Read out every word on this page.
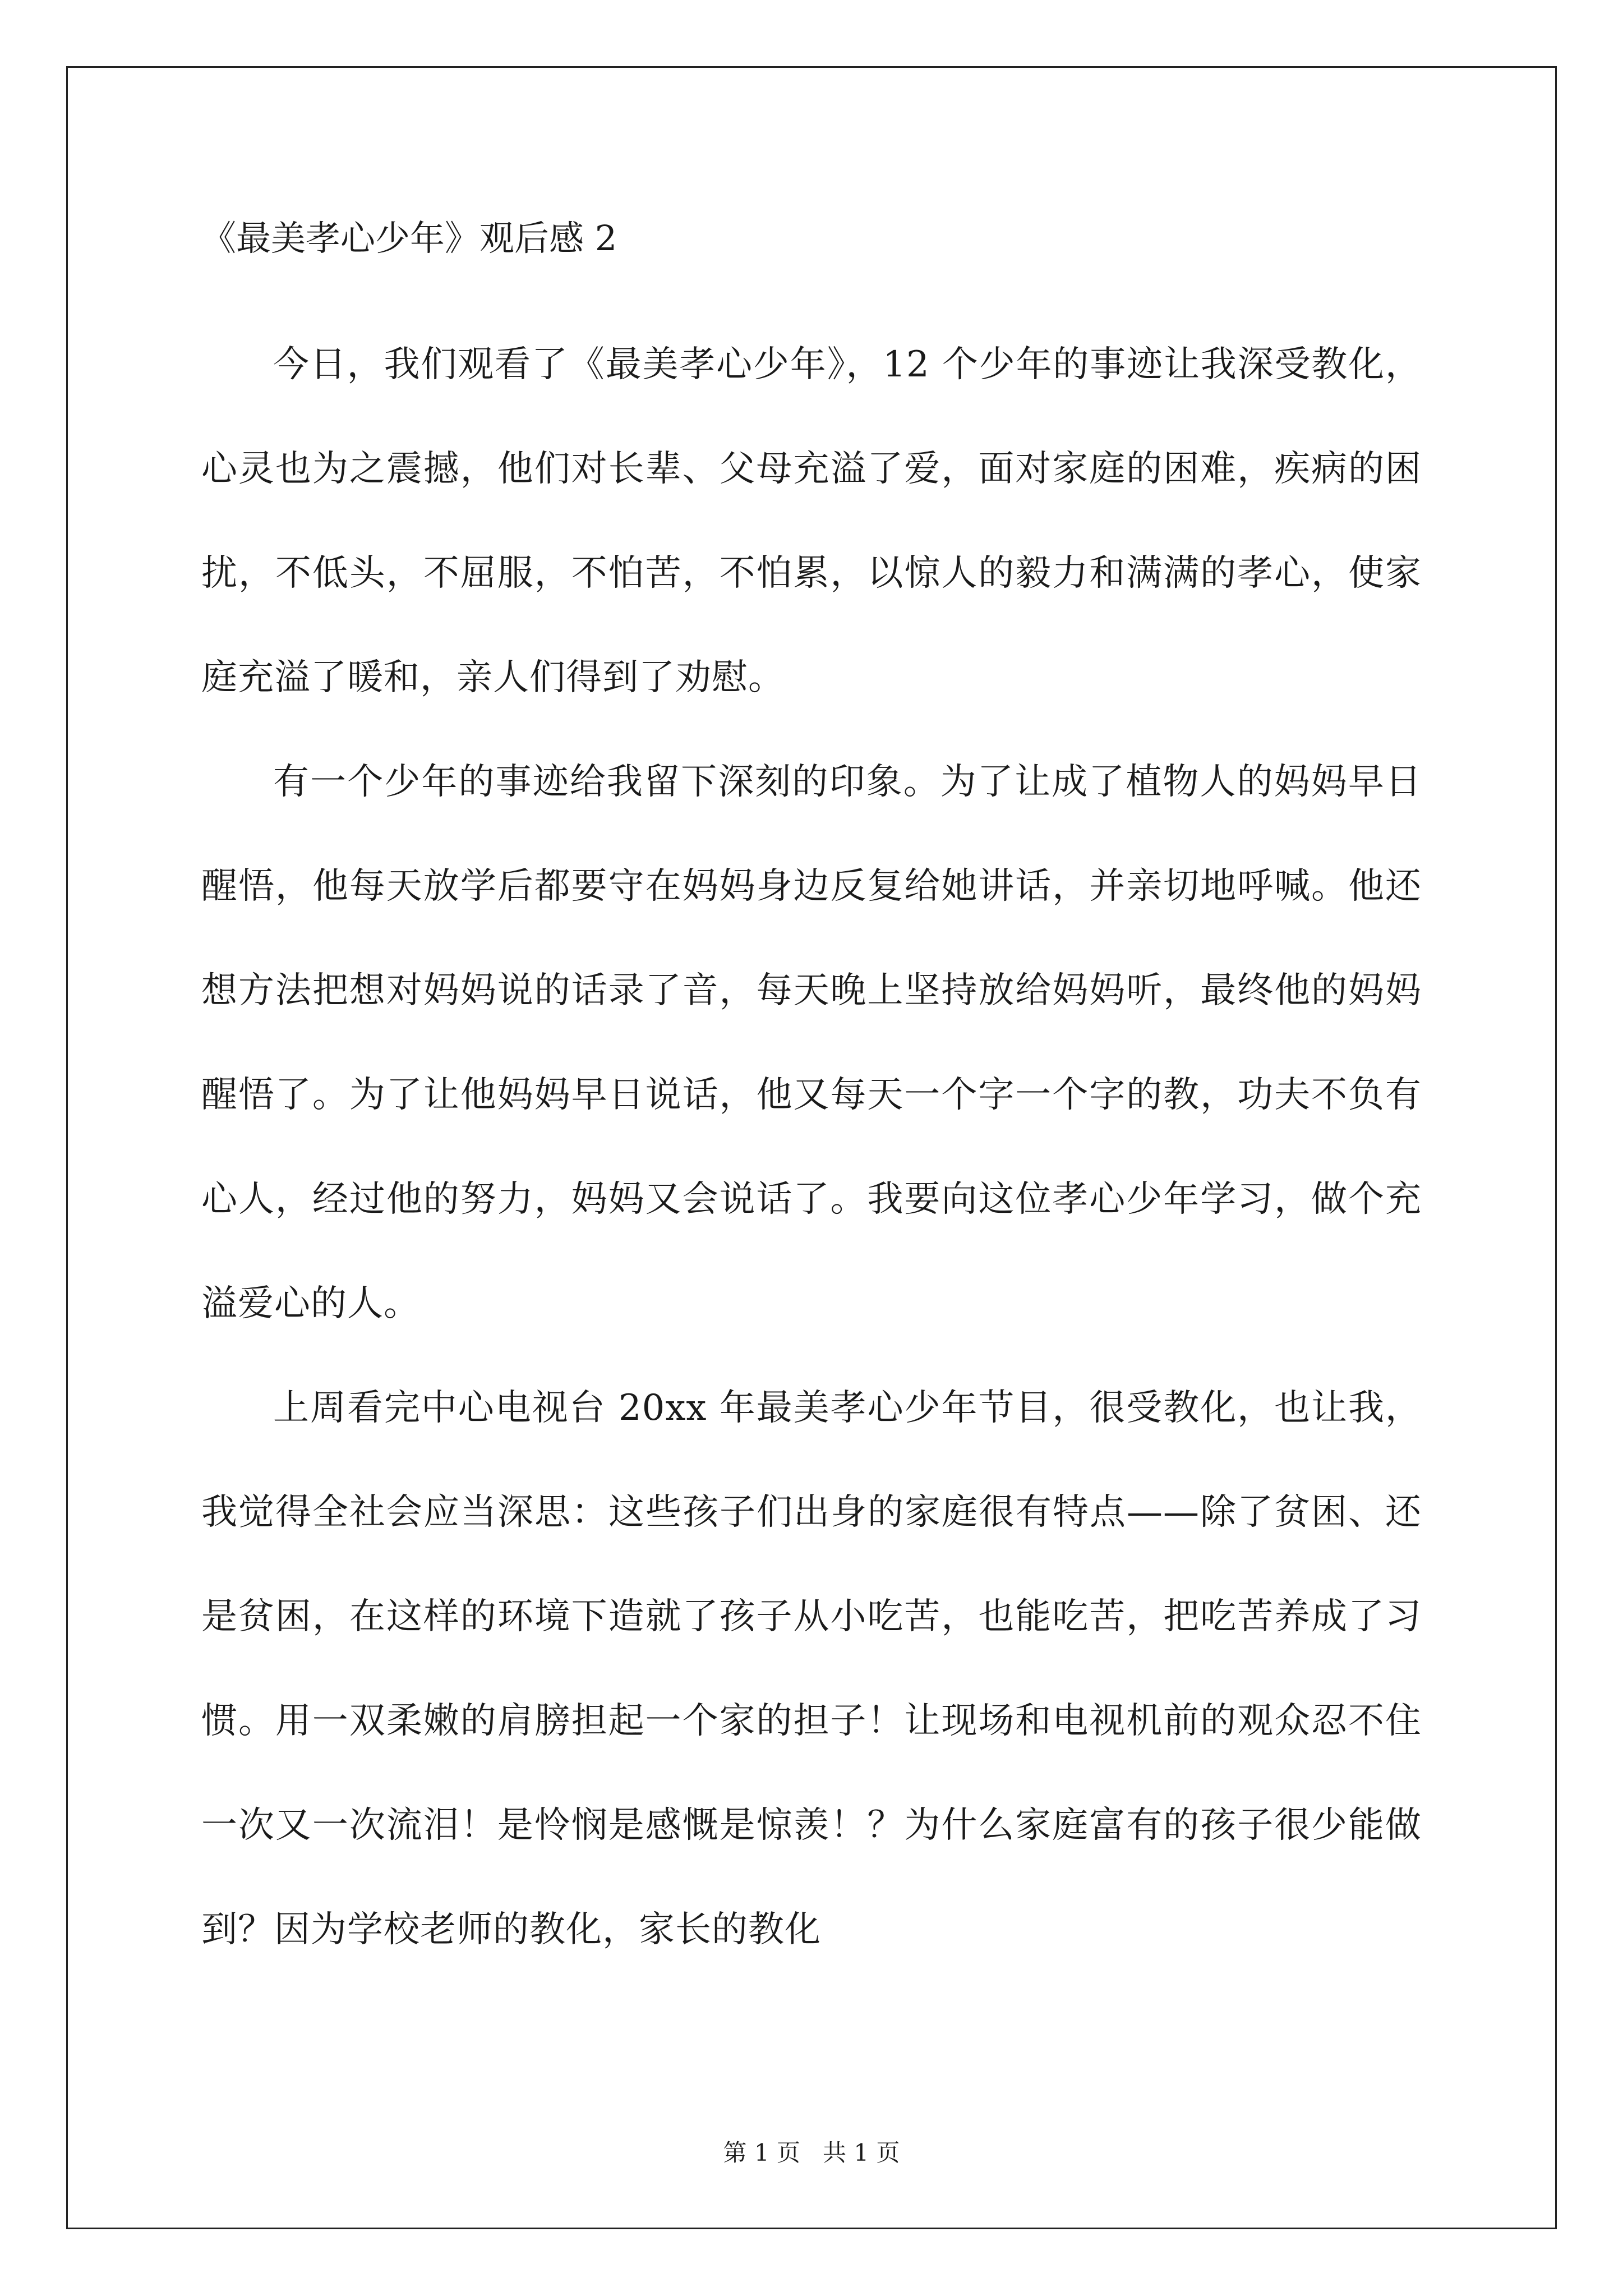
《最美孝心少年》观后感 2

今日，我们观看了《最美孝心少年》，12 个少年的事迹让我深受教化，心灵也为之震撼，他们对长辈、父母充溢了爱，面对家庭的困难，疾病的困扰，不低头，不屈服，不怕苦，不怕累，以惊人的毅力和满满的孝心，使家庭充溢了暖和，亲人们得到了劝慰。

有一个少年的事迹给我留下深刻的印象。为了让成了植物人的妈妈早日醒悟，他每天放学后都要守在妈妈身边反复给她讲话，并亲切地呼喊。他还想方法把想对妈妈说的话录了音，每天晚上坚持放给妈妈听，最终他的妈妈醒悟了。为了让他妈妈早日说话，他又每天一个字一个字的教，功夫不负有心人，经过他的努力，妈妈又会说话了。我要向这位孝心少年学习，做个充溢爱心的人。

上周看完中心电视台 20xx 年最美孝心少年节目，很受教化，也让我，我觉得全社会应当深思：这些孩子们出身的家庭很有特点——除了贫困、还是贫困，在这样的环境下造就了孩子从小吃苦，也能吃苦，把吃苦养成了习惯。用一双柔嫩的肩膀担起一个家的担子！让现场和电视机前的观众忍不住一次又一次流泪！是怜悯是感慨是惊羡！？为什么家庭富有的孩子很少能做到？因为学校老师的教化，家长的教化

第 1 页 共 1 页
